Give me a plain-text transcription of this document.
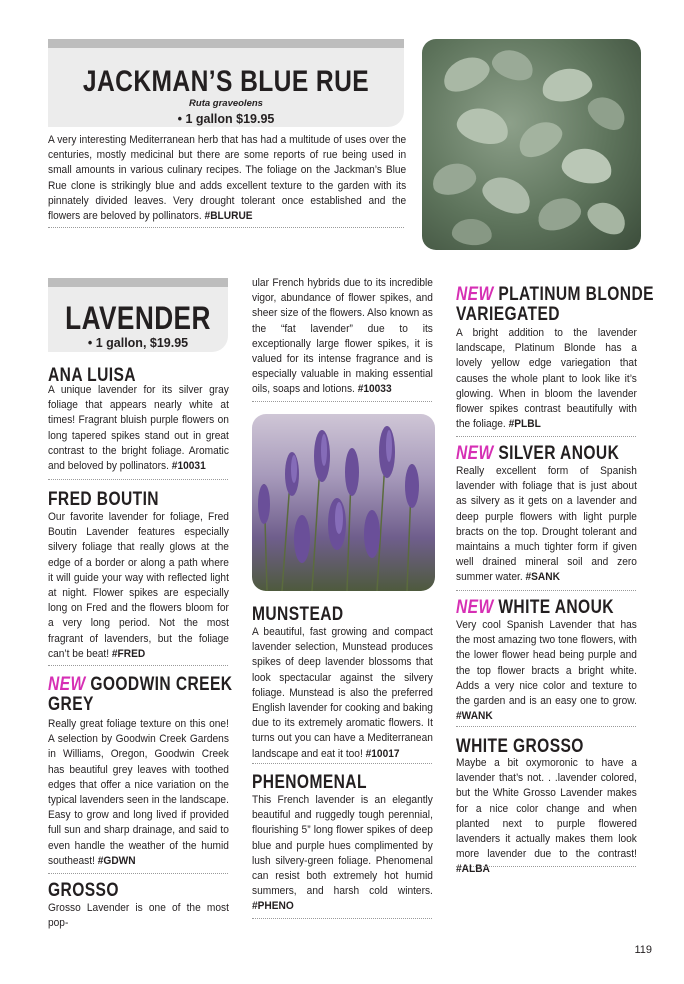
JACKMAN’S BLUE RUE
Ruta graveolens
• 1 gallon $19.95
A very interesting Mediterranean herb that has had a multitude of uses over the centuries, mostly medicinal but there are some reports of rue being used in small amounts in various culinary recipes. The foliage on the Jackman’s Blue Rue clone is strikingly blue and adds excellent texture to the garden with its pinnately divided leaves. Very drought tolerant once established and the flowers are beloved by pollinators. #BLURUE
LAVENDER
• 1 gallon, $19.95
ANA LUISA
A unique lavender for its silver gray foliage that appears nearly white at times! Fragrant bluish purple flowers on long tapered spikes stand out in great contrast to the bright foliage. Aromatic and beloved by pollinators. #10031
FRED BOUTIN
Our favorite lavender for foliage, Fred Boutin Lavender features especially silvery foliage that really glows at the edge of a border or along a path where it will guide your way with reflected light at night. Flower spikes are especially long on Fred and the flowers bloom for a very long period. Not the most fragrant of lavenders, but the foliage can’t be beat! #FRED
NEW GOODWIN CREEK
GREY
Really great foliage texture on this one! A selection by Goodwin Creek Gardens in Williams, Oregon, Goodwin Creek has beautiful grey leaves with toothed edges that offer a nice variation on the typical lavenders seen in the landscape. Easy to grow and long lived if provided full sun and sharp drainage, and said to even handle the weather of the humid southeast! #GDWN
GROSSO
Grosso Lavender is one of the most pop-
ular French hybrids due to its incredible vigor, abundance of flower spikes, and sheer size of the flowers. Also known as the “fat lavender” due to its exceptionally large flower spikes, it is valued for its intense fragrance and is especially valuable in making essential oils, soaps and lotions. #10033
MUNSTEAD
A beautiful, fast growing and compact lavender selection, Munstead produces spikes of deep lavender blossoms that look spectacular against the silvery foliage. Munstead is also the preferred English lavender for cooking and baking due to its extremely aromatic flowers. It turns out you can have a Mediterranean landscape and eat it too! #10017
PHENOMENAL
This French lavender is an elegantly beautiful and ruggedly tough perennial, flourishing 5” long flower spikes of deep blue and purple hues complimented by lush silvery-green foliage. Phenomenal can resist both extremely hot humid summers, and harsh cold winters. #PHENO
NEW PLATINUM BLONDE
VARIEGATED
A bright addition to the lavender landscape, Platinum Blonde has a lovely yellow edge variegation that causes the whole plant to look like it’s glowing. When in bloom the lavender flower spikes contrast beautifully with the foliage. #PLBL
NEW SILVER ANOUK
Really excellent form of Spanish lavender with foliage that is just about as silvery as it gets on a lavender and deep purple flowers with light purple bracts on the top. Drought tolerant and maintains a much tighter form if given well drained mineral soil and zero summer water. #SANK
NEW WHITE ANOUK
Very cool Spanish Lavender that has the most amazing two tone flowers, with the lower flower head being purple and the top flower bracts a bright white. Adds a very nice color and texture to the garden and is an easy one to grow. #WANK
WHITE GROSSO
Maybe a bit oxymoronic to have a lavender that’s not. . .lavender colored, but the White Grosso Lavender makes for a nice color change and when planted next to purple flowered lavenders it actually makes them look more lavender due to the contrast! #ALBA
119
